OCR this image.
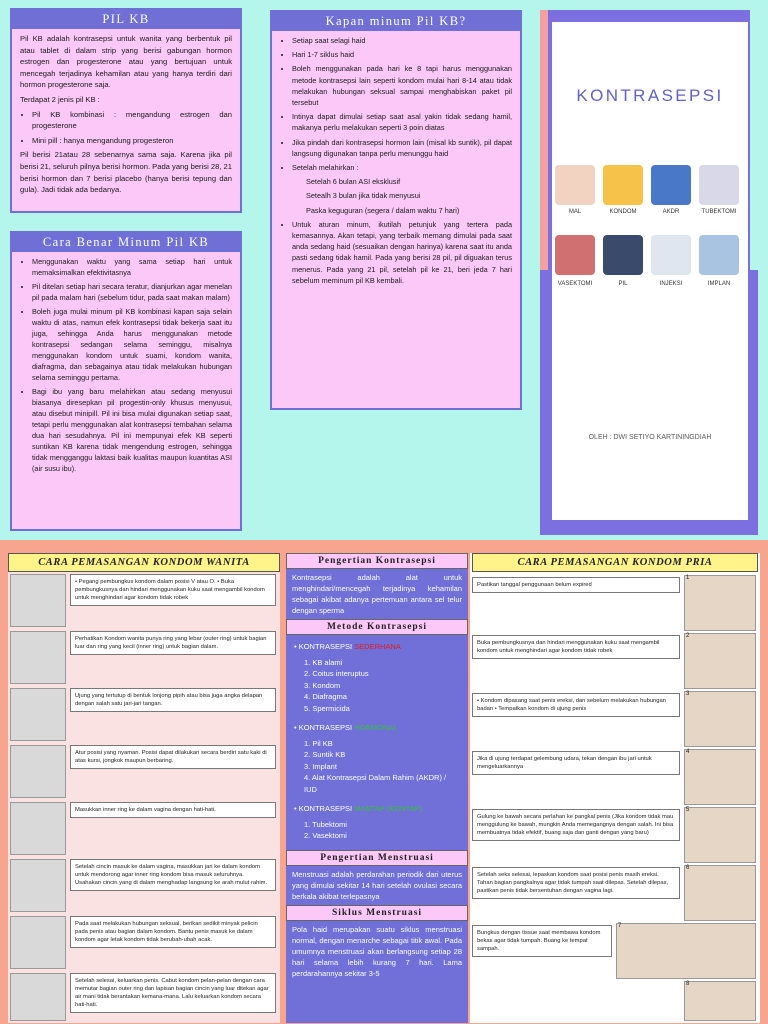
PIL KB

Pil KB adalah kontrasepsi untuk wanita yang berbentuk pil atau tablet di dalam strip yang berisi gabungan hormon estrogen dan progesterone atau yang bertujuan untuk mencegah terjadinya kehamilan atau yang hanya terdiri dari hormon progesterone saja.

Terdapat 2 jenis pil KB :

• Pil KB kombinasi : mengandung estrogen dan progesterone
• Mini pill : hanya mengandung progesteron

Pil berisi 21atau 28 sebenarnya sama saja. Karena jika pil berisi 21, seluruh pilnya berisi hormon. Pada yang berisi 28, 21 berisi hormon dan 7 berisi placebo (hanya berisi tepung dan gula). Jadi tidak ada bedanya.

Cara Benar Minum Pil KB
• Menggunakan waktu yang sama setiap hari untuk memaksimalkan efektivitasnya
• Pil ditelan setiap hari secara teratur, dianjurkan agar menelan pil pada malam hari (sebelum tidur, pada saat makan malam)
• Boleh juga mulai minum pil KB kombinasi kapan saja selain waktu di atas, namun efek kontrasepsi tidak bekerja saat itu juga, sehingga Anda harus menggunakan metode kontrasepsi sedangan selama seminggu, misalnya menggunakan kondom untuk suami, kondom wanita, diafragma, dan sebagainya atau tidak melakukan hubungan selama seminggu pertama.
• Bagi ibu yang baru melahirkan atau sedang menyusui biasanya diresepkan pil progestin-only khusus menyusui, atau disebut minipill. Pil ini bisa mulai digunakan setiap saat, tetapi perlu menggunakan alat kontrasepsi tembahan selama dua hari sesudahnya. Pil ini mempunyai efek KB seperti suntikan KB karena tidak mengendung estrogen, sehingga tidak mengganggu laktasi baik kualitas maupun kuantitas ASI (air susu ibu).
Kapan minum Pil KB?
• Setiap saat selagi haid
• Hari 1-7 siklus haid
• Boleh menggunakan pada hari ke 8 tapi harus menggunakan metode kontrasepsi lain seperti kondom mulai hari 8-14 atau tidak melakukan hubungan seksual sampai menghabiskan paket pil tersebut
• Intinya dapat dimulai setiap saat asal yakin tidak sedang hamil, makanya perlu melakukan seperti 3 poin diatas
• Jika pindah dari kontrasepsi hormon lain (misal kb suntik), pil dapat langsung digunakan tanpa perlu menunggu haid
• Setelah melahirkan :

Setelah 6 bulan ASI eksklusif

Setealh 3 bulan jika tidak menyusui

Paska keguguran (segera / dalam waktu 7 hari)

• Untuk aturan minum, ikutilah petunjuk yang tertera pada kemasannya. Akan tetapi, yang terbaik memang dimulai pada saat anda sedang haid (sesuaikan dengan harinya) karena saat itu anda pasti sedang tidak hamil. Pada yang berisi 28 pil, pil diguakan terus menerus. Pada yang 21 pil, setelah pil ke 21, beri jeda 7 hari sebelum meminum pil KB kembali.
KONTRASEPSI
MAL	KONDOM	AKDR	TUBEKTOMI
VASEKTOMI	PIL	INJEKSI	IMPLAN
OLEH : DWI SETIYO KARTININGDIAH
CARA PEMASANGAN KONDOM WANITA
• Pegang pembungkus kondom dalam posisi V atau O. • Buka pembungkusnya dan hindari menggunakan kuku saat mengambil kondom untuk menghindari agar kondom tidak robek
Perhatikan Kondom wanita punya ring yang lebar (outer ring) untuk bagian luar dan ring yang kecil (inner ring) untuk bagian dalam.
Ujung yang tertutup di bentuk lonjong pipih atau bisa juga angka delapan dengan salah satu jari-jari tangan.
Atur posisi yang nyaman. Posisi dapat dilakukan secara berdiri satu kaki di atas kursi, jongkok maupun berbaring.
Masukkan inner ring ke dalam vagina dengan hati-hati.
Setelah cincin masuk ke dalam vagina, masukkan jari ke dalam kondom untuk mendorong agar inner ring kondom bisa masuk seluruhnya. Usahakan cincin yang di dalam menghadap langsung ke arah mulut rahim.
Pada saat melakukan hubungan seksual, berikan sedikit minyak pelicin pada penis atau bagian dalam kondom. Bantu penis masuk ke dalam kondom agar letak kondom tidak berubah-ubah acak.
Setelah selesai, keluarkan penis. Cabut kondom pelan-pelan dengan cara memutar bagian outer ring dan lapisan bagian cincin yang luar ditekan agar air mani tidak berantakan kemana-mana. Lalu keluarkan kondom secara hati-hati.
Pengertian Kontrasepsi
Kontrasepsi adalah alat untuk menghindari/mencegah terjadinya kehamilan sebagai akibat adanya pertemuan antara sel telur dengan sperma
Metode Kontrasepsi
• KONTRASEPSI SEDERHANA
1. KB alami
2. Coitus interuptus
3. Kondom
4. Diafragma
5. Spermicida
• KONTRASEPSI HORMONAL
1. Pil KB
2. Suntik KB
3. Implant
4. Alat Kontrasepsi Dalam Rahim (AKDR) / IUD
• KONTRASEPSI MANTAP (KONTAP)
1. Tubektomi
2. Vasektomi
Pengertian Menstruasi
Menstruasi adalah perdarahan periodik dari uterus yang dimulai sekitar 14 hari setelah ovulasi secara berkala akibat terlepasnya
Siklus Menstruasi
Pola haid merupakan suatu siklus menstruasi normal, dengan menarche sebagai titik awal. Pada umumnya menstruasi akan berlangsung setiap 28 hari selama lebih kurang 7 hari. Lama perdarahannya sekitar 3-5
CARA PEMASANGAN KONDOM PRIA
Pastikan tanggal penggunaan belum expired
1
Buka pembungkusnya dan hindari menggunakan kuku saat mengambil kondom untuk menghindari agar kondom tidak robek
2
• Kondom dipasang saat penis ereksi, dan sebelum melakukan hubungan badan • Tempatkan kondom di ujung penis
3
Jika di ujung terdapat gelembung udara, tekan dengan ibu jari untuk mengeluarkannya
4
Gulung ke bawah secara perlahan ke pangkal penis (Jika kondom tidak mau menggulung ke bawah, mungkin Anda memegangnya dengan salah. Ini bisa membuatnya tidak efektif, buang saja dan ganti dengan yang baru)
5
Setelah seks selesai, lepaskan kondom saat posisi penis masih ereksi. Tahan bagian pangkalnya agar tidak tumpah saat dilepas. Setelah dilepas, pastikan penis tidak bersentuhan dengan vagina lagi.
6
Bungkus dengan tissue saat membawa kondom bekas agar tidak tumpah. Buang ke tempat sampah.
7
8
